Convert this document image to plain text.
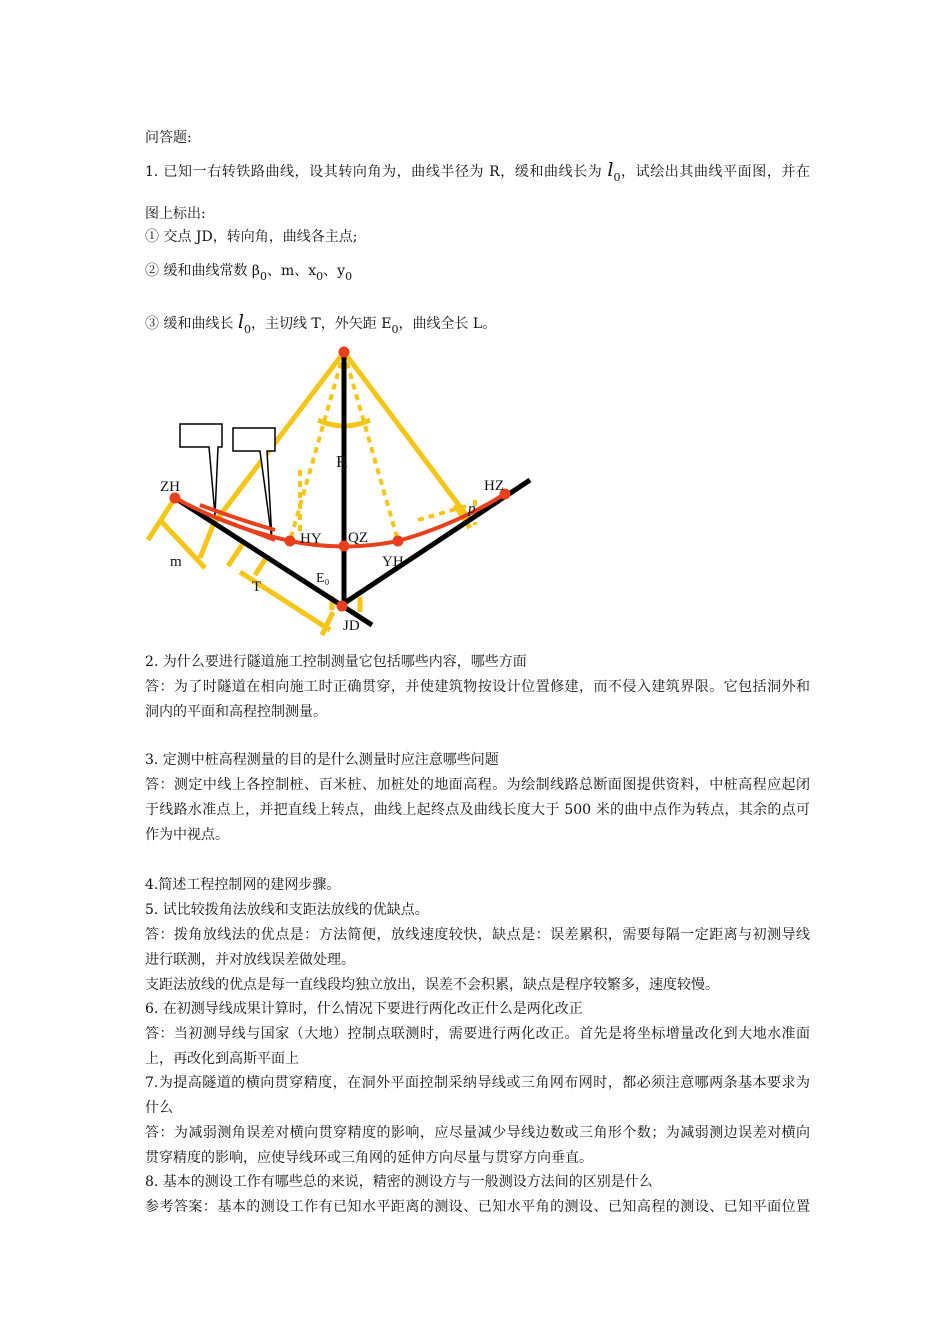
问答题:
1. 已知一右转铁路曲线，设其转向角为，曲线半径为 R，缓和曲线长为 $l_0$，试绘出其曲线平面图，并在
图上标出:
① 交点 JD，转向角，曲线各主点;
② 缓和曲线常数 $\beta_0$、m、$x_0$、$y_0$
③ 缓和曲线长 $l_0$，主切线 T，外矢距 $E_0$，曲线全长 L。
ZH	HZ
HY QZ
YH
JD
R
m
T
E₀
p
2. 为什么要进行隧道施工控制测量它包括哪些内容，哪些方面
答：为了时隧道在相向施工时正确贯穿，并使建筑物按设计位置修建，而不侵入建筑界限。它包括洞外和
洞内的平面和高程控制测量。
3. 定测中桩高程测量的目的是什么测量时应注意哪些问题
答：测定中线上各控制桩、百米桩、加桩处的地面高程。为绘制线路总断面图提供资料，中桩高程应起闭
于线路水准点上，并把直线上转点，曲线上起终点及曲线长度大于 500 米的曲中点作为转点，其余的点可
作为中视点。
4.简述工程控制网的建网步骤。
5. 试比较拨角法放线和支距法放线的优缺点。
答：拨角放线法的优点是：方法简便，放线速度较快，缺点是：误差累积，需要每隔一定距离与初测导线
进行联测，并对放线误差做处理。
支距法放线的优点是每一直线段均独立放出，误差不会积累，缺点是程序较繁多，速度较慢。
6. 在初测导线成果计算时，什么情况下要进行两化改正什么是两化改正
答：当初测导线与国家（大地）控制点联测时，需要进行两化改正。首先是将坐标增量改化到大地水准面
上，再改化到高斯平面上
7.为提高隧道的横向贯穿精度，在洞外平面控制采纳导线或三角网布网时，都必须注意哪两条基本要求为
什么
答：为减弱测角误差对横向贯穿精度的影响，应尽量减少导线边数或三角形个数；为减弱测边误差对横向
贯穿精度的影响，应使导线环或三角网的延伸方向尽量与贯穿方向垂直。
8. 基本的测设工作有哪些总的来说，精密的测设方与一般测设方法间的区别是什么
参考答案：基本的测设工作有已知水平距离的测设、已知水平角的测设、已知高程的测设、已知平面位置
